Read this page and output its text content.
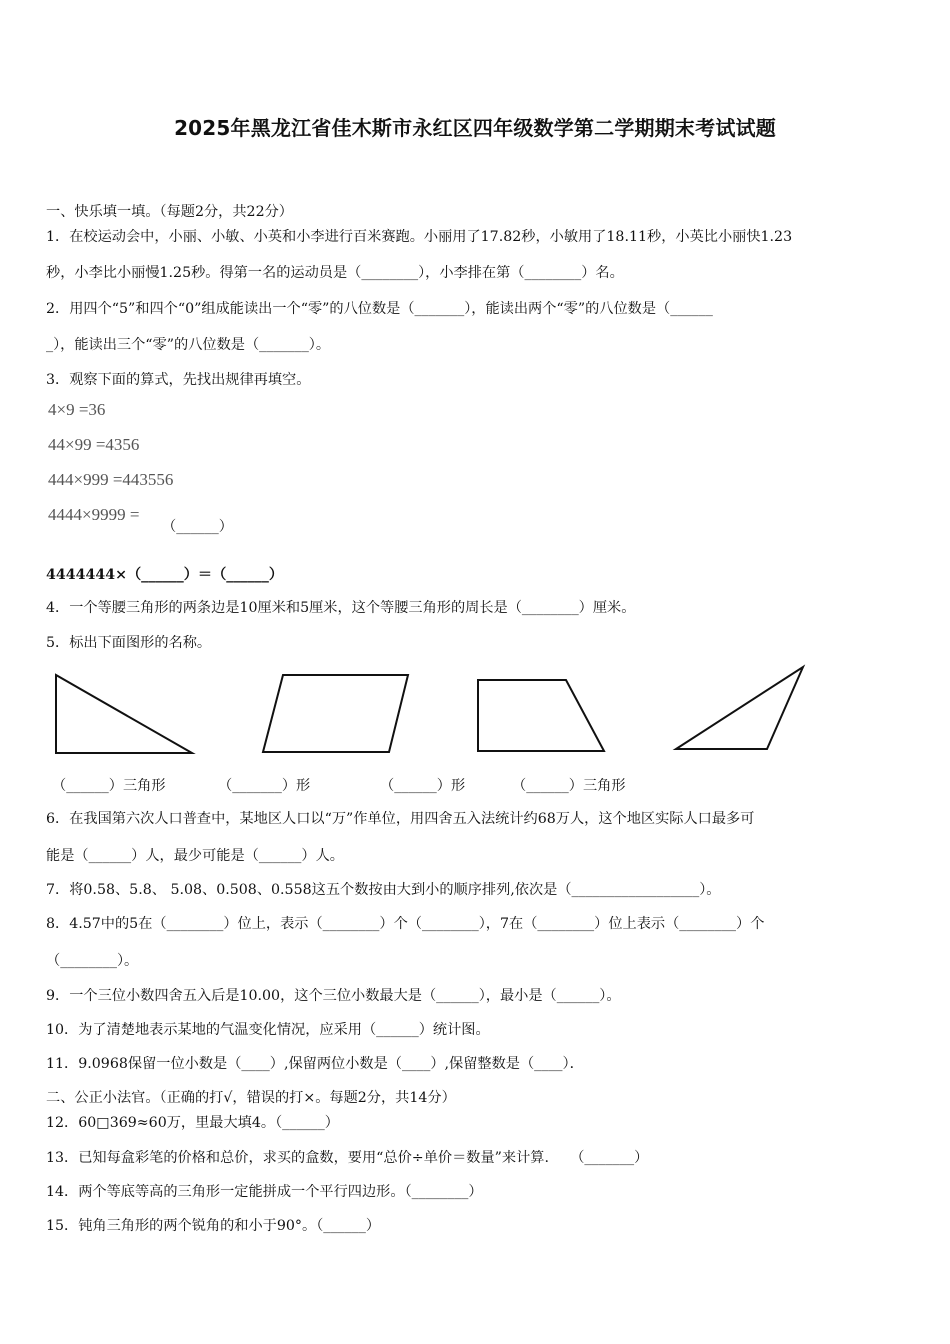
2025年黑龙江省佳木斯市永红区四年级数学第二学期期末考试试题
一、快乐填一填。（每题2分，共22分）
1．在校运动会中，小丽、小敏、小英和小李进行百米赛跑。小丽用了17.82秒，小敏用了18.11秒，小英比小丽快1.23
秒，小李比小丽慢1.25秒。得第一名的运动员是（________），小李排在第（________）名。
2．用四个“5”和四个“0”组成能读出一个“零”的八位数是（_______），能读出两个“零”的八位数是（______
_），能读出三个“零”的八位数是（_______）。
3．观察下面的算式，先找出规律再填空。
4×9 =36
44×99 =4356
444×999 =443556
4444×9999 =
（______）
4444444×（______）＝（______）
4．一个等腰三角形的两条边是10厘米和5厘米，这个等腰三角形的周长是（________）厘米。
5．标出下面图形的名称。
（______）三角形	（_______）形	（______）形	（______）三角形
6．在我国第六次人口普查中，某地区人口以“万”作单位，用四舍五入法统计约68万人，这个地区实际人口最多可
能是（______）人，最少可能是（______）人。
7．将0.58、5.8、 5.08、0.508、0.558这五个数按由大到小的顺序排列,依次是（__________________）。
8．4.57中的5在（________）位上，表示（________）个（________），7在（________）位上表示（________）个
（________）。
9．一个三位小数四舍五入后是10.00，这个三位小数最大是（______），最小是（______）。
10．为了清楚地表示某地的气温变化情况，应采用（______）统计图。
11．9.0968保留一位小数是（____）,保留两位小数是（____）,保留整数是（____）．
二、公正小法官。（正确的打√，错误的打×。每题2分，共14分）
12．60□369≈60万，里最大填4。（______）
13．已知每盒彩笔的价格和总价，求买的盒数，要用“总价÷单价＝数量”来计算.　　（_______）
14．两个等底等高的三角形一定能拼成一个平行四边形。（________）
15．钝角三角形的两个锐角的和小于90°。（______）
